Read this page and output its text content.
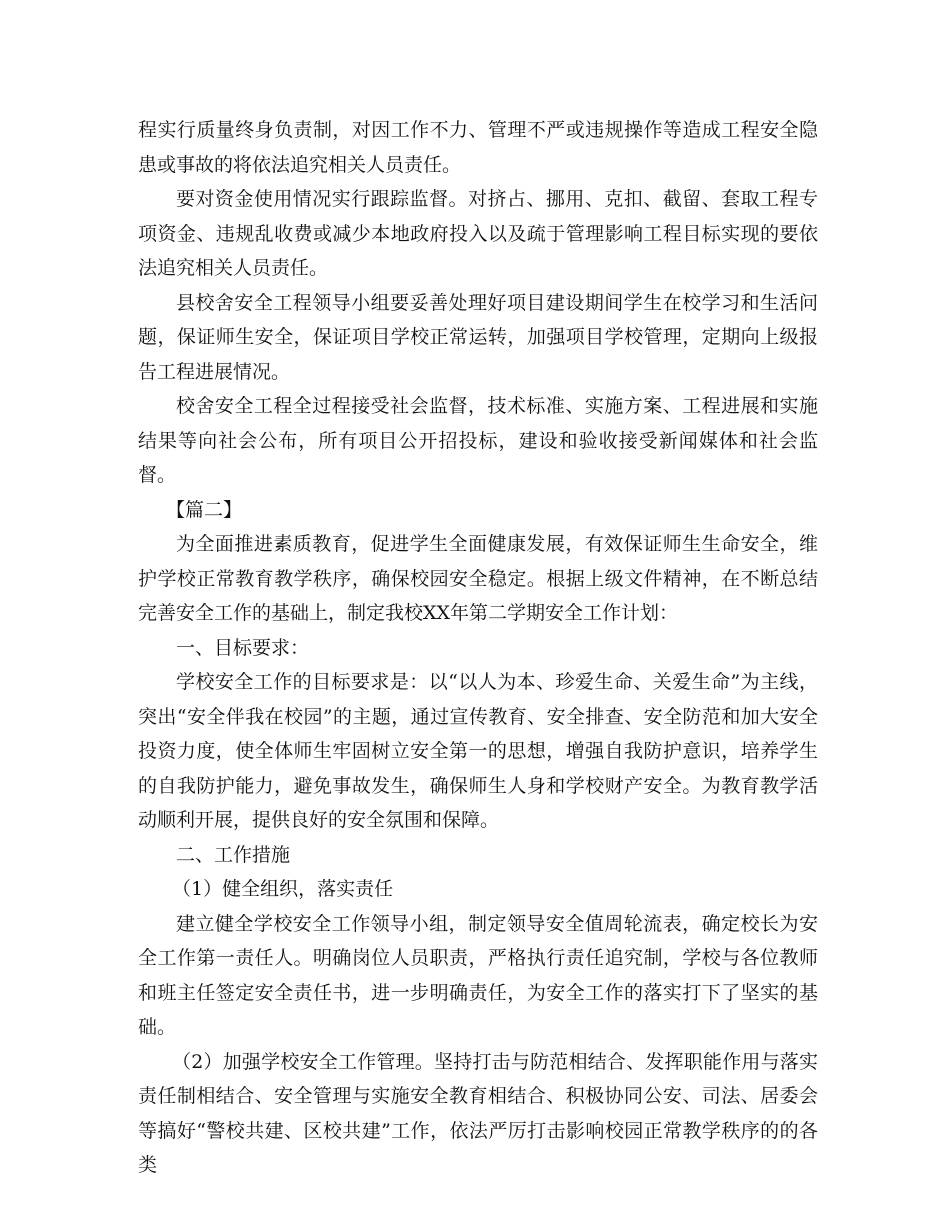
程实行质量终身负责制，对因工作不力、管理不严或违规操作等造成工程安全隐患或事故的将依法追究相关人员责任。

要对资金使用情况实行跟踪监督。对挤占、挪用、克扣、截留、套取工程专项资金、违规乱收费或减少本地政府投入以及疏于管理影响工程目标实现的要依法追究相关人员责任。

县校舍安全工程领导小组要妥善处理好项目建设期间学生在校学习和生活问题，保证师生安全，保证项目学校正常运转，加强项目学校管理，定期向上级报告工程进展情况。

校舍安全工程全过程接受社会监督，技术标准、实施方案、工程进展和实施结果等向社会公布，所有项目公开招投标，建设和验收接受新闻媒体和社会监督。

【篇二】

为全面推进素质教育，促进学生全面健康发展，有效保证师生生命安全，维护学校正常教育教学秩序，确保校园安全稳定。根据上级文件精神，在不断总结完善安全工作的基础上，制定我校XX年第二学期安全工作计划：

一、目标要求：

学校安全工作的目标要求是：以“以人为本、珍爱生命、关爱生命”为主线，突出“安全伴我在校园”的主题，通过宣传教育、安全排查、安全防范和加大安全投资力度，使全体师生牢固树立安全第一的思想，增强自我防护意识，培养学生的自我防护能力，避免事故发生，确保师生人身和学校财产安全。为教育教学活动顺利开展，提供良好的安全氛围和保障。

二、工作措施

（1）健全组织，落实责任

建立健全学校安全工作领导小组，制定领导安全值周轮流表，确定校长为安全工作第一责任人。明确岗位人员职责，严格执行责任追究制，学校与各位教师和班主任签定安全责任书，进一步明确责任，为安全工作的落实打下了坚实的基础。

（2）加强学校安全工作管理。坚持打击与防范相结合、发挥职能作用与落实责任制相结合、安全管理与实施安全教育相结合、积极协同公安、司法、居委会等搞好“警校共建、区校共建”工作，依法严厉打击影响校园正常教学秩序的的各类
